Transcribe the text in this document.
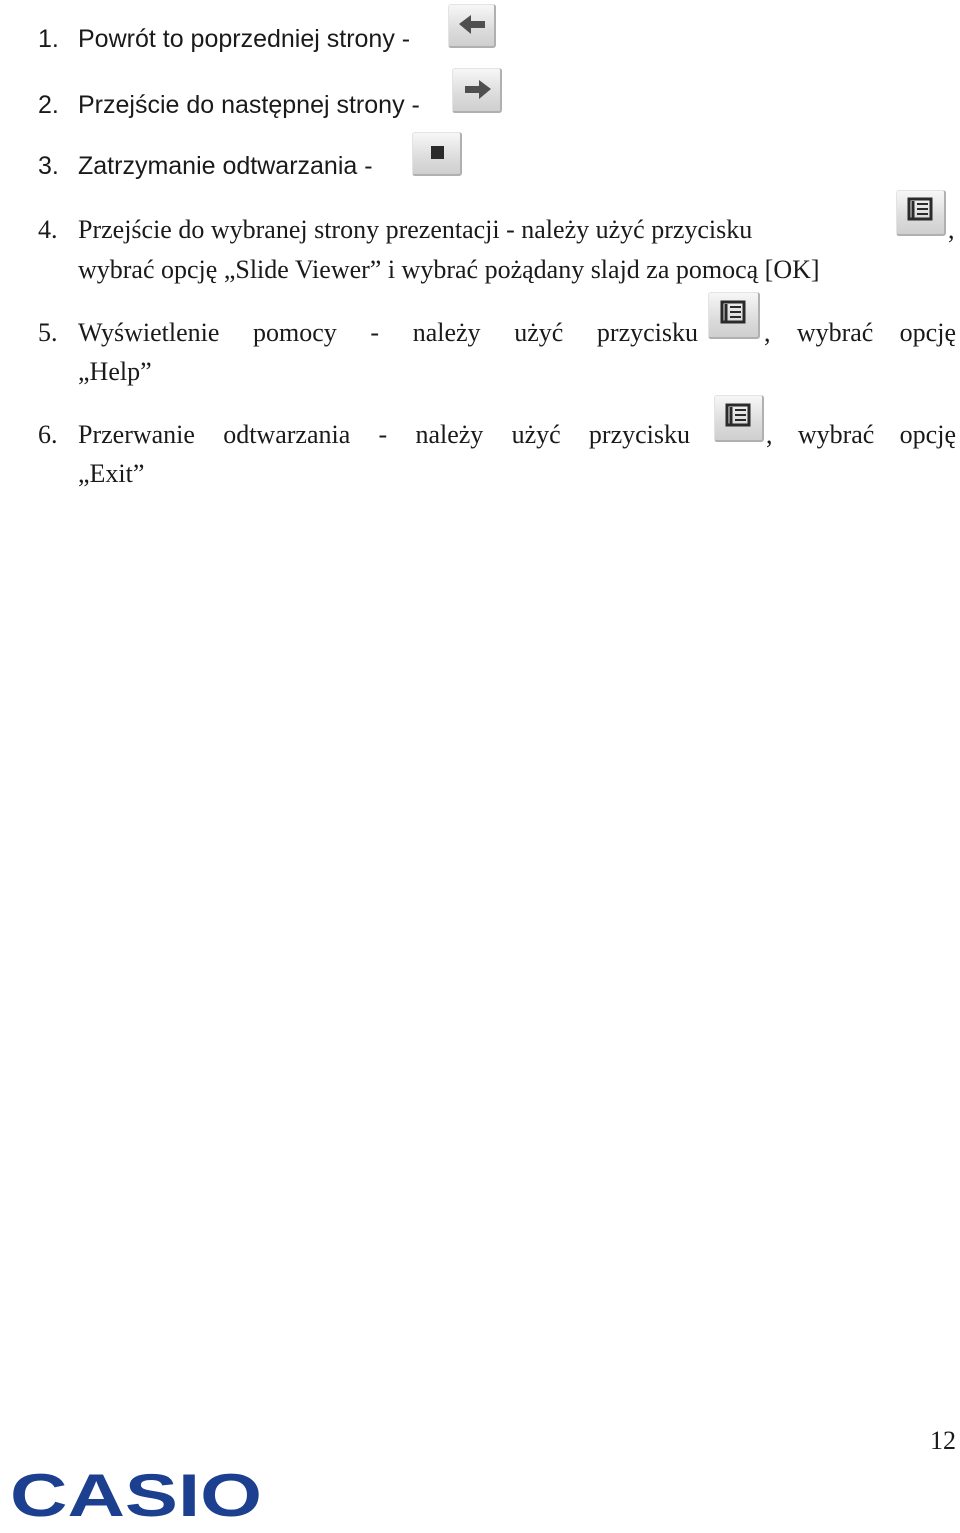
1. Powrót to poprzedniej strony -
2. Przejście do następnej strony -
3. Zatrzymanie odtwarzania -
4. Przejście do wybranej strony prezentacji - należy użyć przycisku	,
wybrać opcję „Slide Viewer” i wybrać pożądany slajd za pomocą [OK]
5. Wyświetlenie pomocy - należy użyć przycisku	, wybrać opcję
„Help”
6. Przerwanie odtwarzania - należy użyć przycisku	, wybrać opcję
„Exit”
12
CASIO
